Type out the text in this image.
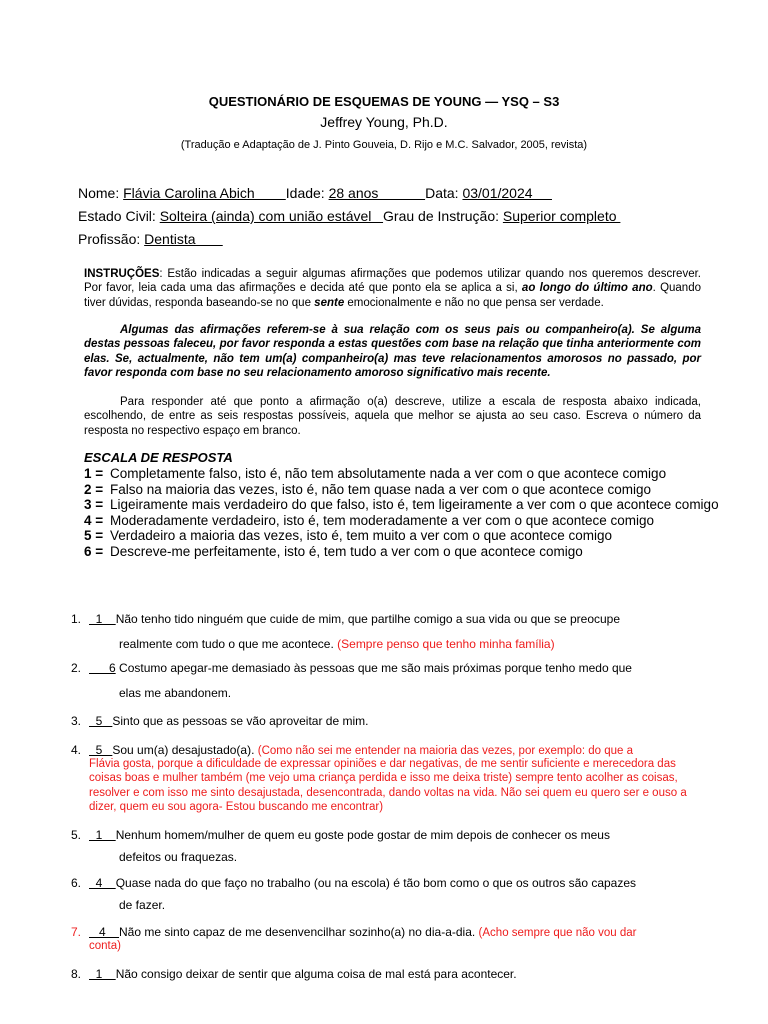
QUESTIONÁRIO DE ESQUEMAS DE YOUNG — YSQ – S3
Jeffrey Young, Ph.D.
(Tradução e Adaptação de J. Pinto Gouveia, D. Rijo e M.C. Salvador, 2005, revista)
Nome: Flávia Carolina Abich        Idade: 28 anos            Data: 03/01/2024
Estado Civil: Solteira (ainda) com união estável   Grau de Instrução: Superior completo
Profissão: Dentista

INSTRUÇÕES: Estão indicadas a seguir algumas afirmações que podemos utilizar quando nos queremos descrever. Por favor, leia cada uma das afirmações e decida até que ponto ela se aplica a si, ao longo do último ano. Quando tiver dúvidas, responda baseando-se no que sente emocionalmente e não no que pensa ser verdade.

Algumas das afirmações referem-se à sua relação com os seus pais ou companheiro(a). Se alguma destas pessoas faleceu, por favor responda a estas questões com base na relação que tinha anteriormente com elas. Se, actualmente, não tem um(a) companheiro(a) mas teve relacionamentos amorosos no passado, por favor responda com base no seu relacionamento amoroso significativo mais recente.

Para responder até que ponto a afirmação o(a) descreve, utilize a escala de resposta abaixo indicada, escolhendo, de entre as seis respostas possíveis, aquela que melhor se ajusta ao seu caso. Escreva o número da resposta no respectivo espaço em branco.

ESCALA DE RESPOSTA
1 = Completamente falso, isto é, não tem absolutamente nada a ver com o que acontece comigo
2 = Falso na maioria das vezes, isto é, não tem quase nada a ver com o que acontece comigo
3 = Ligeiramente mais verdadeiro do que falso, isto é, tem ligeiramente a ver com o que acontece comigo
4 = Moderadamente verdadeiro, isto é, tem moderadamente a ver com o que acontece comigo
5 = Verdadeiro a maioria das vezes, isto é, tem muito a ver com o que acontece comigo
6 = Descreve-me perfeitamente, isto é, tem tudo a ver com o que acontece comigo
1.  1    Não tenho tido ninguém que cuide de mim, que partilhe comigo a sua vida ou que se preocupe
realmente com tudo o que me acontece. (Sempre penso que tenho minha família)
2.      6 Costumo apegar-me demasiado às pessoas que me são mais próximas porque tenho medo que
elas me abandonem.
3.  5   Sinto que as pessoas se vão aproveitar de mim.
4.  5   Sou um(a) desajustado(a). (Como não sei me entender na maioria das vezes, por exemplo: do que a
Flávia gosta, porque a dificuldade de expressar opiniões e dar negativas, de me sentir suficiente e merecedora das coisas boas e mulher também (me vejo uma criança perdida e isso me deixa triste) sempre tento acolher as coisas, resolver e com isso me sinto desajustada, desencontrada, dando voltas na vida. Não sei quem eu quero ser e ouso a dizer, quem eu sou agora- Estou buscando me encontrar)
5.  1    Nenhum homem/mulher de quem eu goste pode gostar de mim depois de conhecer os meus
defeitos ou fraquezas.
6.  4    Quase nada do que faço no trabalho (ou na escola) é tão bom como o que os outros são capazes
de fazer.
7.   4    Não me sinto capaz de me desenvencilhar sozinho(a) no dia-a-dia. (Acho sempre que não vou dar
conta)
8.  1    Não consigo deixar de sentir que alguma coisa de mal está para acontecer.
